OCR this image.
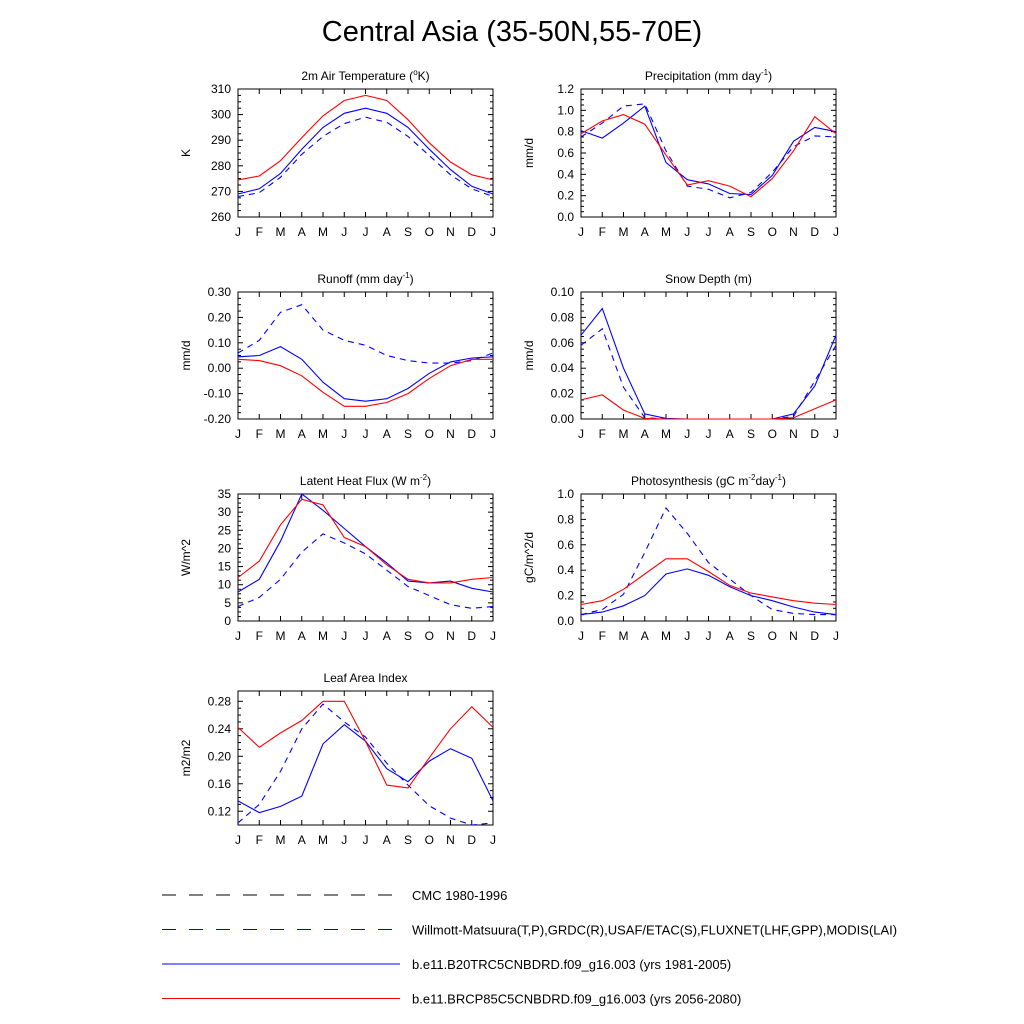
Central Asia (35-50N,55-70E)
2m Air Temperature ($^o$K)
K
260
270
280
290
300
310
J F M A M J J A S O N D J
Precipitation (mm day$^{-1}$)
mm/d
0.0
0.2
0.4
0.6
0.8
1.0
1.2
J F M A M J J A S O N D J
Runoff (mm day$^{-1}$)
mm/d
-0.20
-0.10
0.00
0.10
0.20
0.30
J F M A M J J A S O N D J
Snow Depth (m)
mm/d
0.00
0.02
0.04
0.06
0.08
0.10
J F M A M J J A S O N D J
Latent Heat Flux (W $m^{-2}$)
W/m^2
0
5
10
15
20
25
30
35
J F M A M J J A S O N D J
Photosynthesis (gC $m^{-2}day^{-1}$)
gC/m^2/d
0.0
0.2
0.4
0.6
0.8
1.0
J F M A M J J A S O N D J
Leaf Area Index
m2/m2
0.12
0.16
0.20
0.24
0.28
J F M A M J J A S O N D J
CMC 1980-1996
Willmott-Matsuura(T,P),GRDC(R),USAF/ETAC(S),FLUXNET(LHF,GPP),MODIS(LAI)
b.e11.B20TRC5CNBDRD.f09_g16.003 (yrs 1981-2005)
b.e11.BRCP85C5CNBDRD.f09_g16.003 (yrs 2056-2080)
